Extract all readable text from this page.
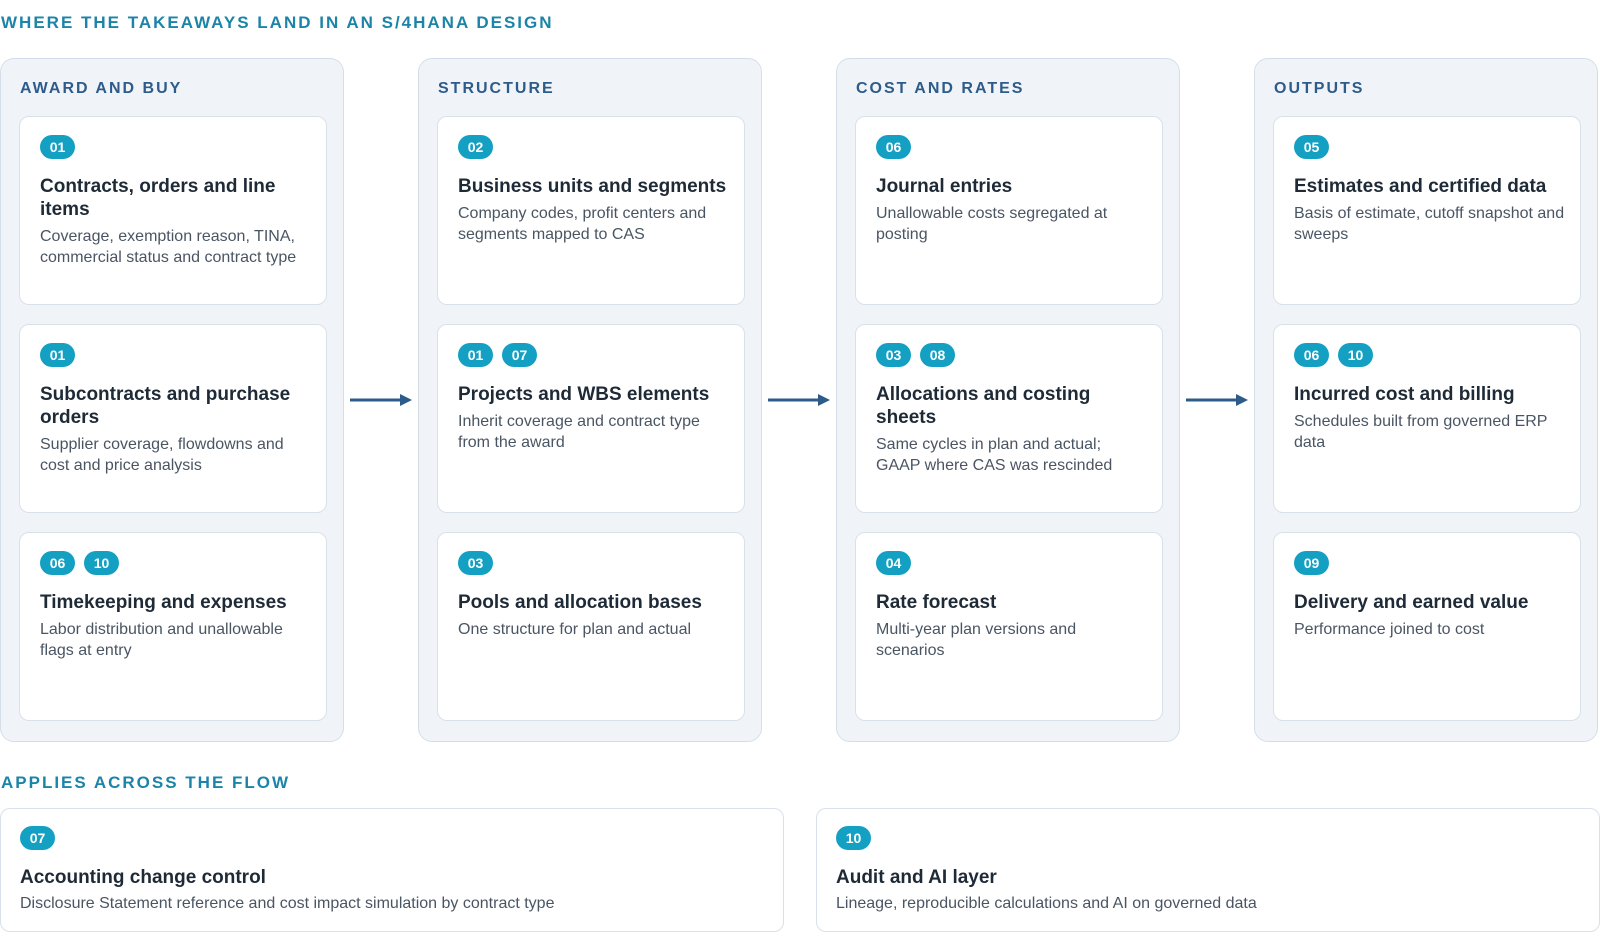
WHERE THE TAKEAWAYS LAND IN AN S/4HANA DESIGN
AWARD AND BUY
01
Contracts, orders and line items
Coverage, exemption reason, TINA, commercial status and contract type
01
Subcontracts and purchase orders
Supplier coverage, flowdowns and cost and price analysis
06	10
Timekeeping and expenses
Labor distribution and unallowable flags at entry
STRUCTURE
02
Business units and segments
Company codes, profit centers and segments mapped to CAS
01	07
Projects and WBS elements
Inherit coverage and contract type from the award
03
Pools and allocation bases
One structure for plan and actual
COST AND RATES
06
Journal entries
Unallowable costs segregated at posting
03	08
Allocations and costing sheets
Same cycles in plan and actual; GAAP where CAS was rescinded
04
Rate forecast
Multi-year plan versions and scenarios
OUTPUTS
05
Estimates and certified data
Basis of estimate, cutoff snapshot and sweeps
06	10
Incurred cost and billing
Schedules built from governed ERP data
09
Delivery and earned value
Performance joined to cost
APPLIES ACROSS THE FLOW
07
Accounting change control
Disclosure Statement reference and cost impact simulation by contract type
10
Audit and AI layer
Lineage, reproducible calculations and AI on governed data
